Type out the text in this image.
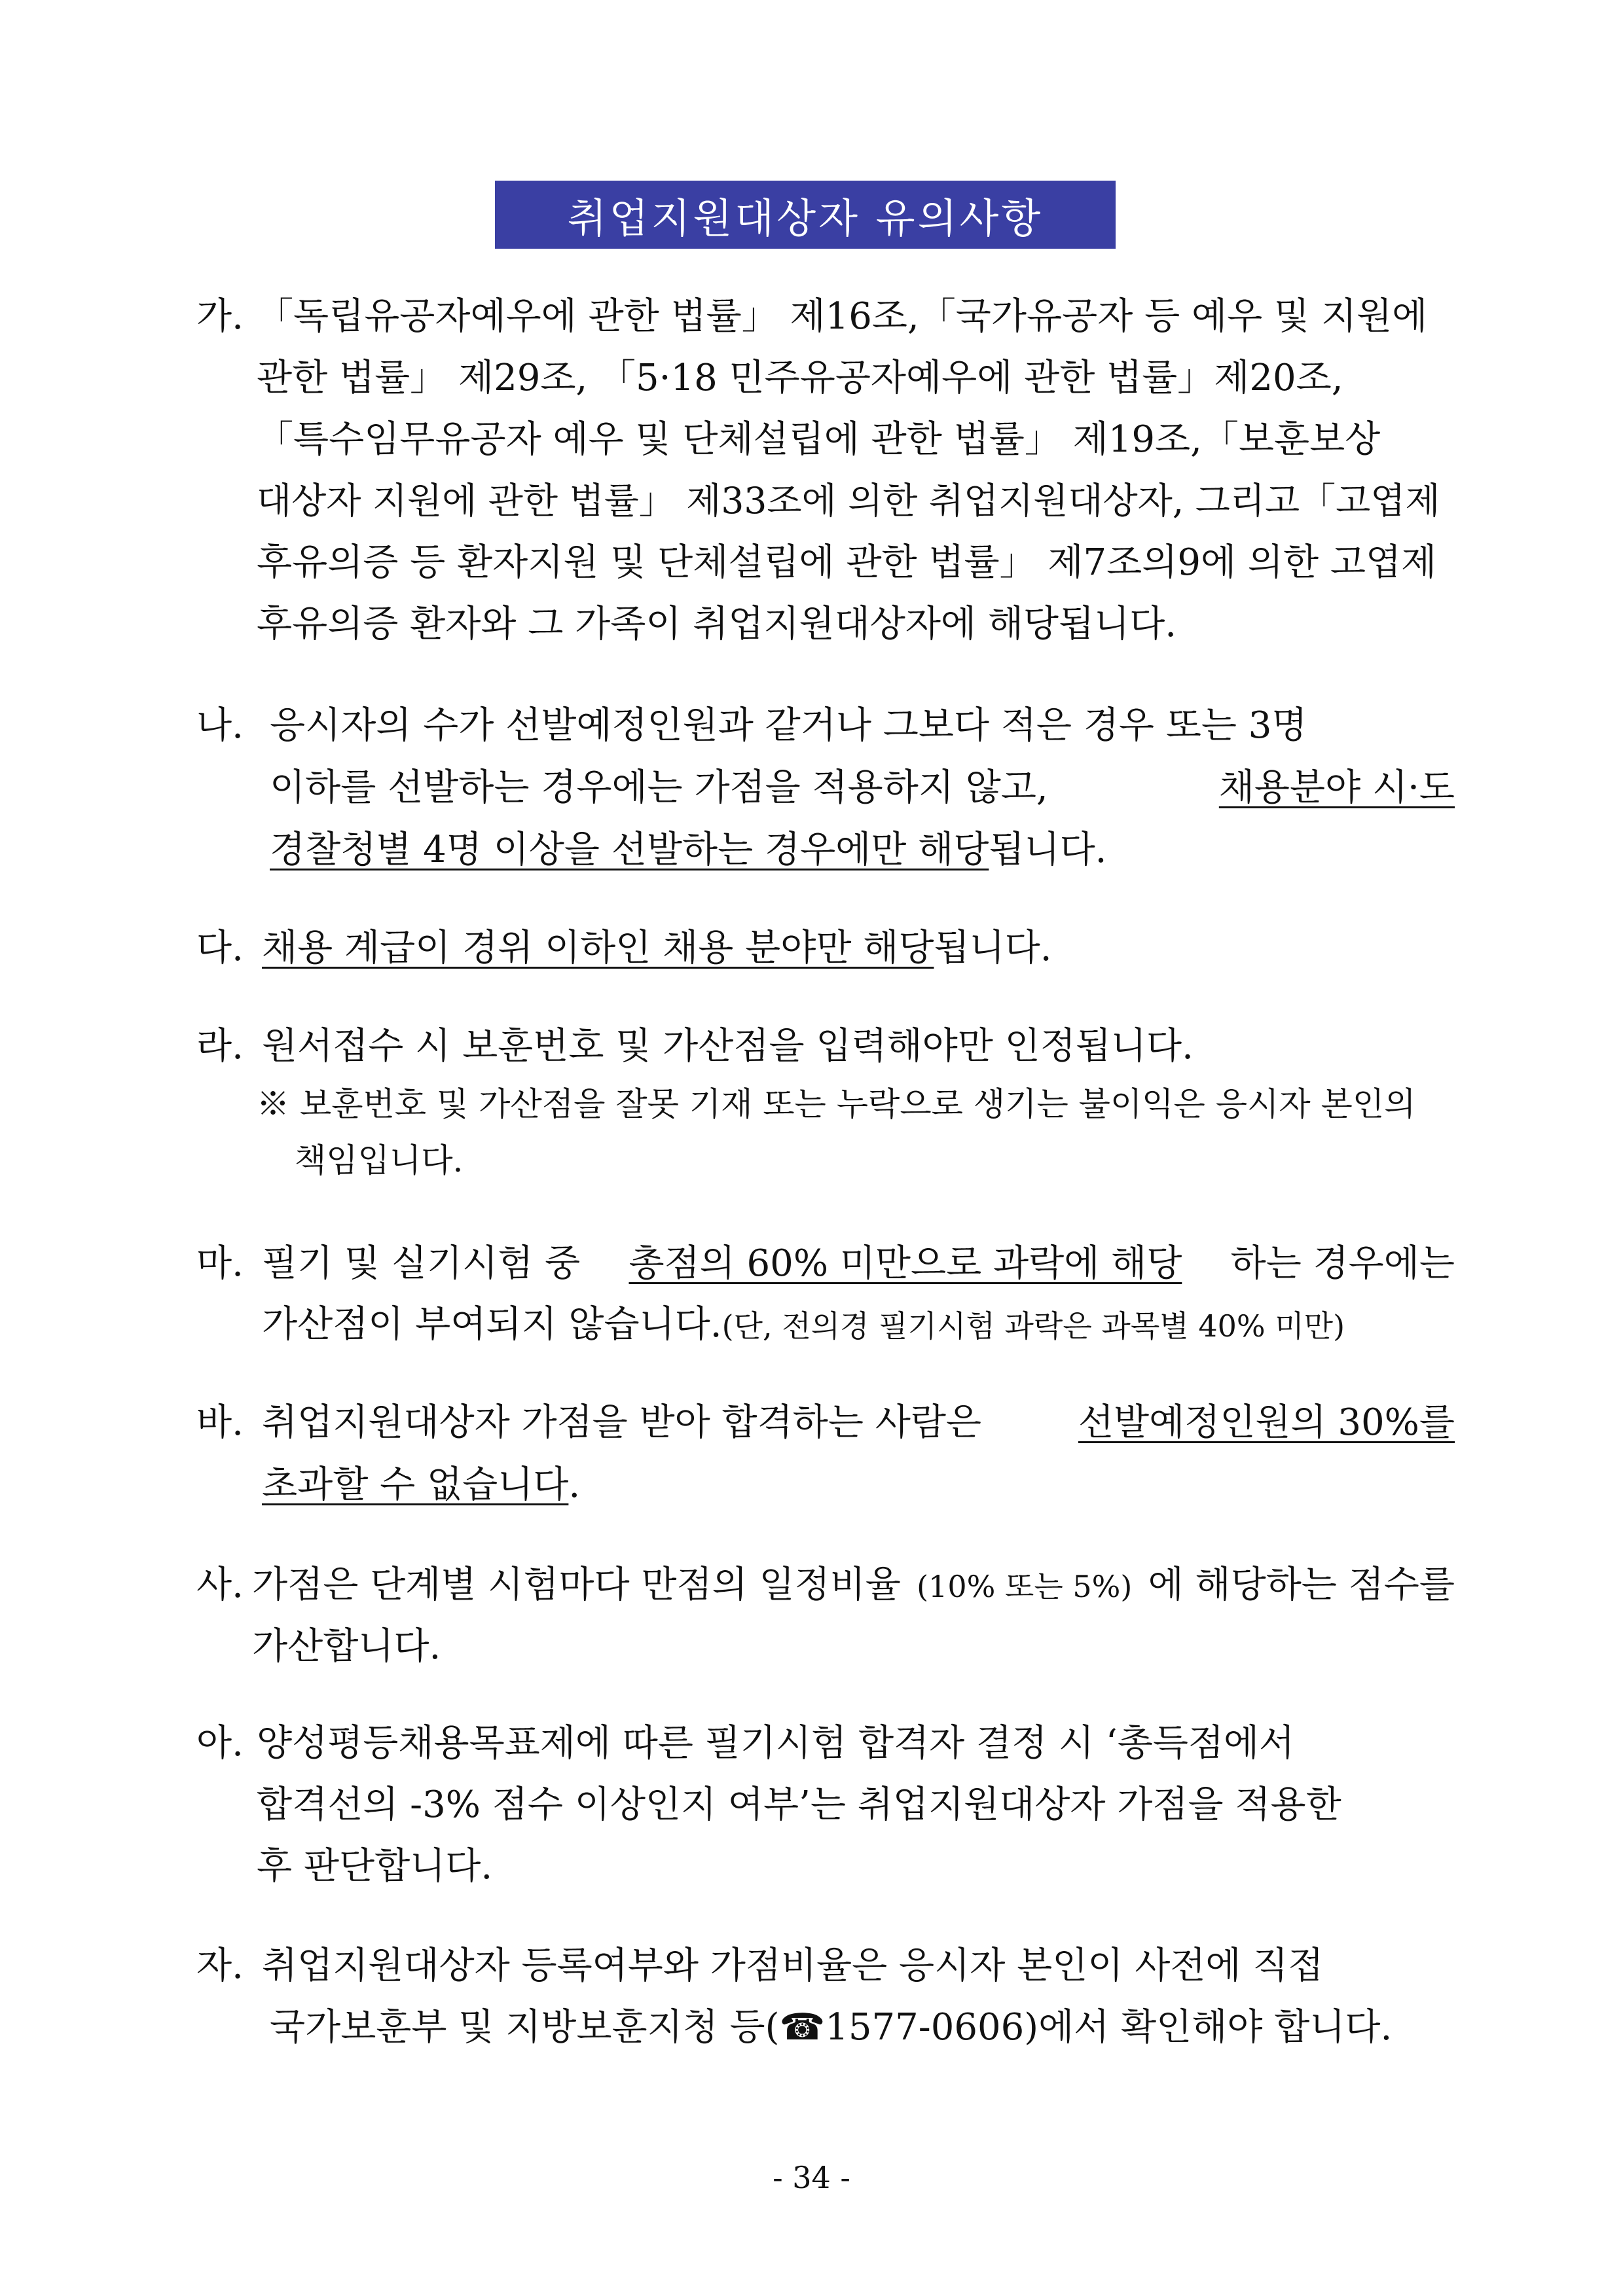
취업지원대상자 유의사항
가. 「독립유공자예우에 관한 법률」 제16조,「국가유공자 등 예우 및 지원에
관한 법률」 제29조, 「5·18 민주유공자예우에 관한 법률」제20조,
「특수임무유공자 예우 및 단체설립에 관한 법률」 제19조,「보훈보상
대상자 지원에 관한 법률」 제33조에 의한 취업지원대상자, 그리고「고엽제
후유의증 등 환자지원 및 단체설립에 관한 법률」 제7조의9에 의한 고엽제
후유의증 환자와 그 가족이 취업지원대상자에 해당됩니다.
나. 응시자의 수가 선발예정인원과 같거나 그보다 적은 경우 또는 3명
이하를 선발하는 경우에는 가점을 적용하지 않고,	채용분야 시·도
경찰청별 4명 이상을 선발하는 경우에만 해당 됩니다.
다. 채용 계급이 경위 이하인 채용 분야만 해당 됩니다.
라. 원서접수 시 보훈번호 및 가산점을 입력해야만 인정됩니다.
※ 보훈번호 및 가산점을 잘못 기재 또는 누락으로 생기는 불이익은 응시자 본인의
책임입니다.
마. 필기 및 실기시험 중 총점의 60% 미만으로 과락에 해당 하는 경우에는
가산점이 부여되지 않습니다. (단, 전의경 필기시험 과락은 과목별 40% 미만)
바. 취업지원대상자 가점을 받아 합격하는 사람은	선발예정인원의 30%를
초과할 수 없습니다 .
사. 가점은 단계별 시험마다 만점의 일정비율 (10% 또는 5%) 에 해당하는 점수를
가산합니다.
아. 양성평등채용목표제에 따른 필기시험 합격자 결정 시 ‘총득점에서
합격선의 -3% 점수 이상인지 여부’는 취업지원대상자 가점을 적용한
후 판단합니다.
자. 취업지원대상자 등록여부와 가점비율은 응시자 본인이 사전에 직접
국가보훈부 및 지방보훈지청 등( ☎ 1577-0606)에서 확인해야 합니다.
- 34 -
